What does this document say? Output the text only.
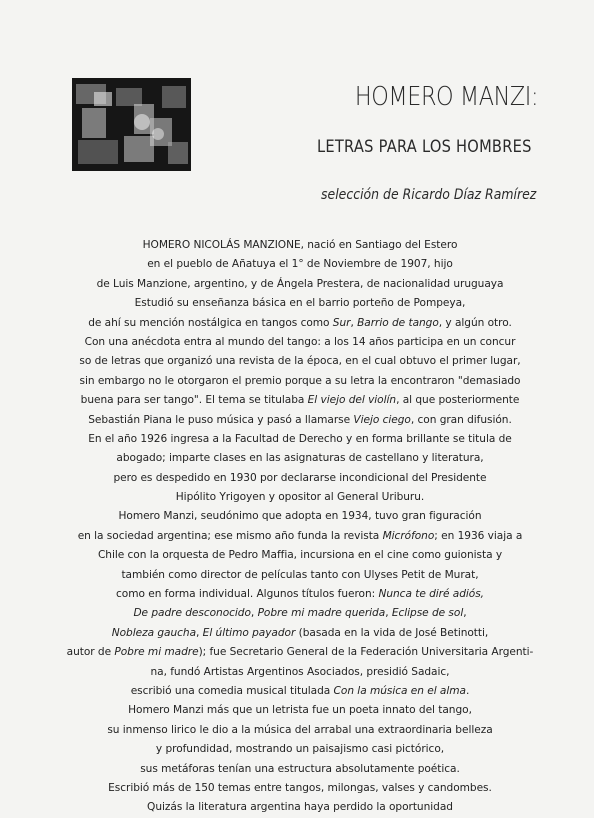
HOMERO MANZI:
LETRAS PARA LOS HOMBRES
selección de Ricardo Díaz Ramírez
HOMERO NICOLÁS MANZIONE, nació en Santiago del Estero
en el pueblo de Añatuya el 1° de Noviembre de 1907, hijo
de Luis Manzione, argentino, y de Ángela Prestera, de nacionalidad uruguaya
Estudió su enseñanza básica en el barrio porteño de Pompeya,
de ahí su mención nostálgica en tangos como Sur, Barrio de tango, y algún otro.
Con una anécdota entra al mundo del tango: a los 14 años participa en un concur
so de letras que organizó una revista de la época, en el cual obtuvo el primer lugar,
sin embargo no le otorgaron el premio porque a su letra la encontraron "demasiado
buena para ser tango". El tema se titulaba El viejo del violín, al que posteriormente
Sebastián Piana le puso música y pasó a llamarse Viejo ciego, con gran difusión.
En el año 1926 ingresa a la Facultad de Derecho y en forma brillante se titula de
abogado; imparte clases en las asignaturas de castellano y literatura,
pero es despedido en 1930 por declararse incondicional del Presidente
Hipólito Yrigoyen y opositor al General Uriburu.
Homero Manzi, seudónimo que adopta en 1934, tuvo gran figuración
en la sociedad argentina; ese mismo año funda la revista Micrófono; en 1936 viaja a
Chile con la orquesta de Pedro Maffia, incursiona en el cine como guionista y
también como director de películas tanto con Ulyses Petit de Murat,
como en forma individual. Algunos títulos fueron: Nunca te diré adiós,
De padre desconocido, Pobre mi madre querida, Eclipse de sol,
Nobleza gaucha, El último payador (basada en la vida de José Betinotti,
autor de Pobre mi madre); fue Secretario General de la Federación Universitaria Argenti-
na, fundó Artistas Argentinos Asociados, presidió Sadaic,
escribió una comedia musical titulada Con la música en el alma.
Homero Manzi más que un letrista fue un poeta innato del tango,
su inmenso lirico le dio a la música del arrabal una extraordinaria belleza
y profundidad, mostrando un paisajismo casi pictórico,
sus metáforas tenían una estructura absolutamente poética.
Escribió más de 150 temas entre tangos, milongas, valses y candombes.
Quizás la literatura argentina haya perdido la oportunidad
